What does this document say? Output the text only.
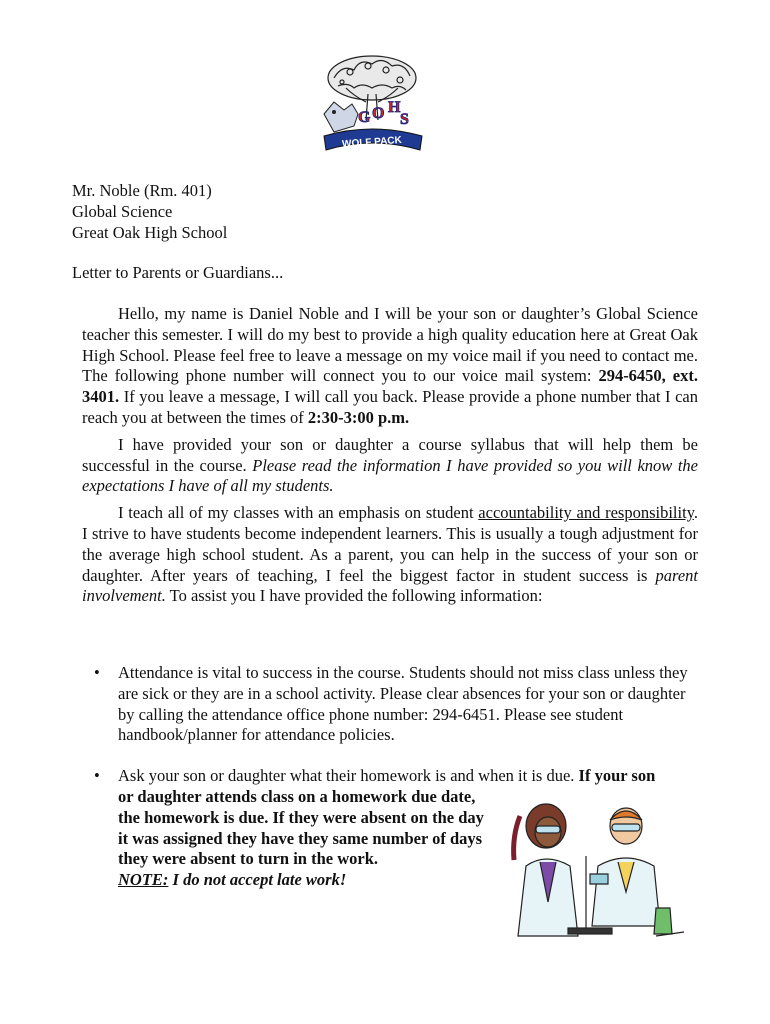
G O H
S
WOLF PACK
Mr. Noble (Rm. 401)
Global Science
Great Oak High School
Letter to Parents or Guardians...

Hello, my name is Daniel Noble and I will be your son or daughter’s Global Science teacher this semester. I will do my best to provide a high quality education here at Great Oak High School. Please feel free to leave a message on my voice mail if you need to contact me. The following phone number will connect you to our voice mail system: 294-6450, ext. 3401. If you leave a message, I will call you back. Please provide a phone number that I can reach you at between the times of 2:30-3:00 p.m.

I have provided your son or daughter a course syllabus that will help them be successful in the course. Please read the information I have provided so you will know the expectations I have of all my students.

I teach all of my classes with an emphasis on student accountability and responsibility. I strive to have students become independent learners. This is usually a tough adjustment for the average high school student. As a parent, you can help in the success of your son or daughter. After years of teaching, I feel the biggest factor in student success is parent involvement. To assist you I have provided the following information:

• Attendance is vital to success in the course. Students should not miss class unless they are sick or they are in a school activity. Please clear absences for your son or daughter by calling the attendance office phone number: 294-6451. Please see student handbook/planner for attendance policies.
• Ask your son or daughter what their homework is and when it is due. If your son
or daughter attends class on a homework due date, the homework is due. If they were absent on the day it was assigned they have they same number of days they were absent to turn in the work.
NOTE: I do not accept late work!
